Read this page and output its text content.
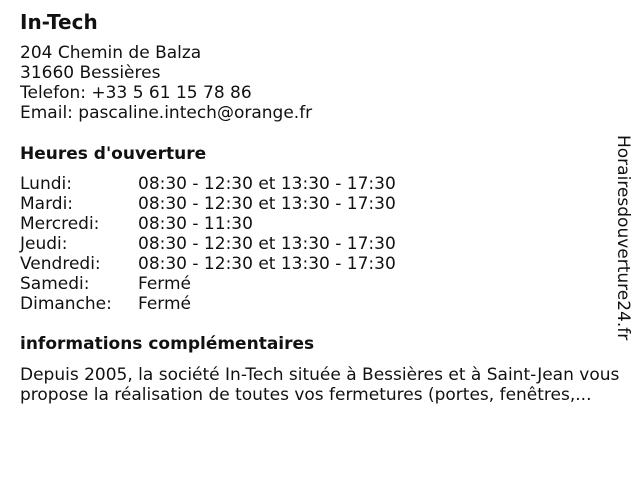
In-Tech
204 Chemin de Balza
31660 Bessières
Telefon: +33 5 61 15 78 86
Email: pascaline.intech@orange.fr
Heures d'ouverture
Lundi:	08:30 - 12:30 et 13:30 - 17:30
Mardi:	08:30 - 12:30 et 13:30 - 17:30
Mercredi: 08:30 - 11:30
Jeudi:	08:30 - 12:30 et 13:30 - 17:30
Vendredi: 08:30 - 12:30 et 13:30 - 17:30
Samedi:	Fermé
Dimanche: Fermé
informations complémentaires
Depuis 2005, la société In-Tech située à Bessières et à Saint-Jean vous propose la réalisation de toutes vos fermetures (portes, fenêtres,...
Horairesdouverture24.fr
